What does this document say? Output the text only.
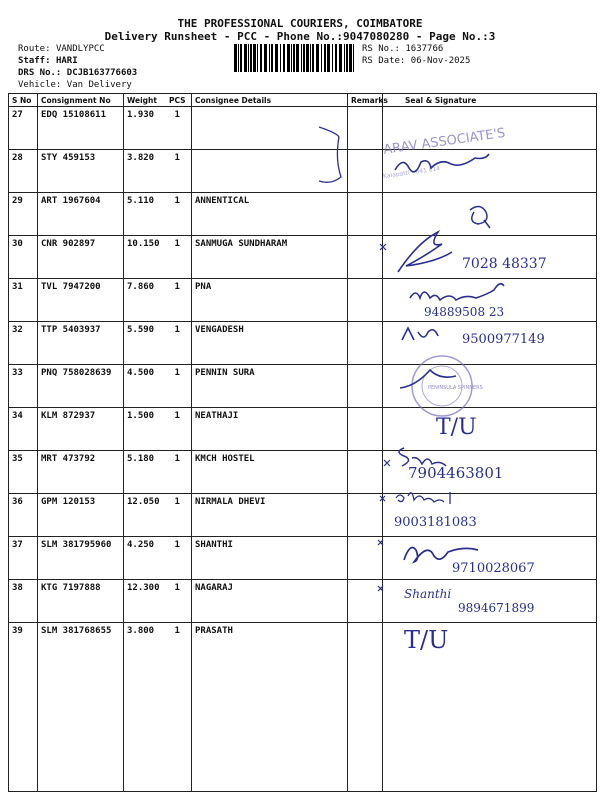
THE PROFESSIONAL COURIERS, COIMBATORE
Delivery Runsheet - PCC - Phone No.:9047080280 - Page No.:3
Route: VANDLYPCC
Staff: HARI
DRS No.: DCJB163776603
Vehicle: Van Delivery
RS No.: 1637766
RS Date: 06-Nov-2025
S No	Consignment No	Weight	PCS	Consignee Details	Remarks	Seal & Signature
27	EDQ 15108611	1.930	1			
28	STY 459153	3.820	1			
29	ART 1967604	5.110	1	ANNENTICAL		
30	CNR 902897	10.150	1	SANMUGA SUNDHARAM		
31	TVL 7947200	7.860	1	PNA		
32	TTP 5403937	5.590	1	VENGADESH		
33	PNQ 758028639	4.500	1	PENNIN SURA		
34	KLM 872937	1.500	1	NEATHAJI		
35	MRT 473792	5.180	1	KMCH HOSTEL		
36	GPM 120153	12.050	1	NIRMALA DHEVI		
37	SLM 381795960	4.250	1	SHANTHI		
38	KTG 7197888	12.300	1	NAGARAJ		
39	SLM 381768655	3.800	1	PRASATH		
ARAV ASSOCIATE'S
Kalapatti - 641 014
7028 48337
94889508 23
9500977149
PENINSULA SPINNERS
T/U
7904463801
9003181083
9710028067
Shanthi
9894671899
T/U
